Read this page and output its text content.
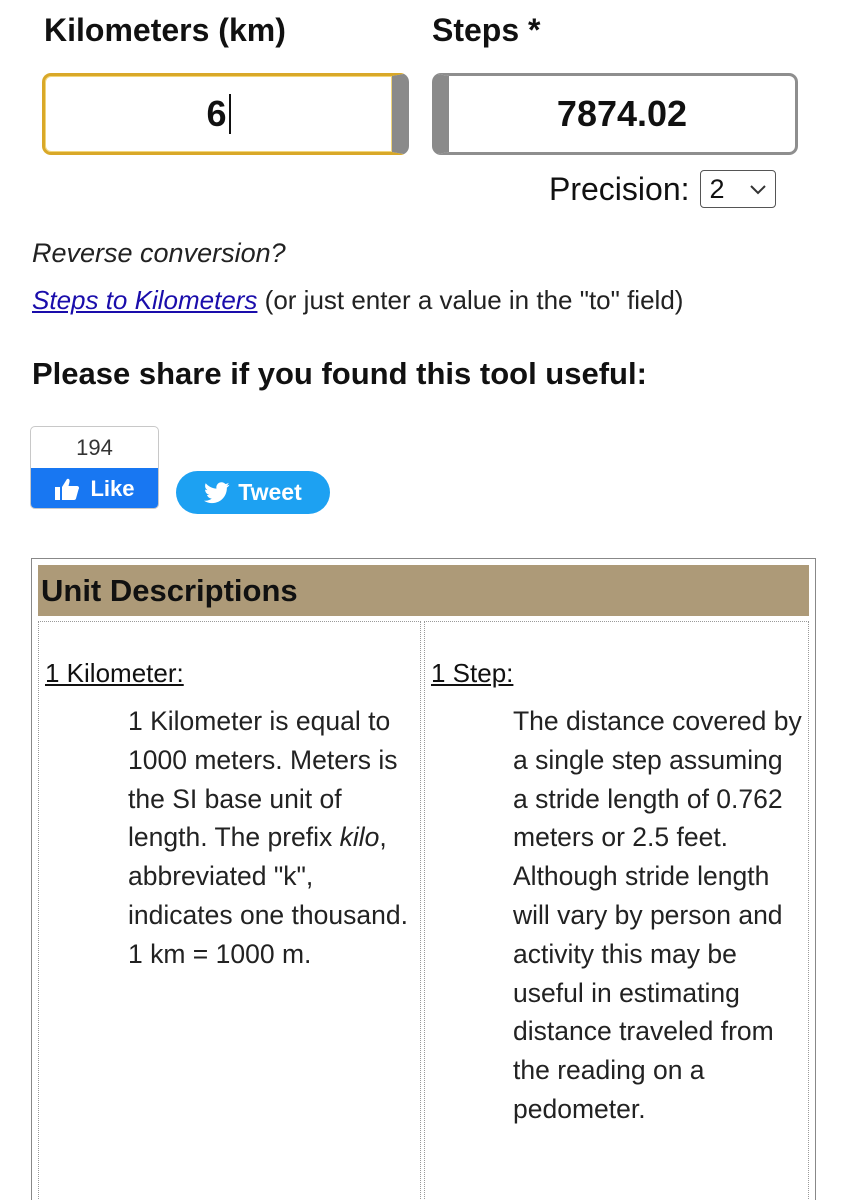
Kilometers (km)	Steps *
6	7874.02
Precision: 2
Reverse conversion?
Steps to Kilometers (or just enter a value in the "to" field)
Please share if you found this tool useful:
194
Like	Tweet
Unit Descriptions
1 Kilometer:
1 Kilometer is equal to 1000 meters. Meters is the SI base unit of length. The prefix kilo, abbreviated "k", indicates one thousand. 1 km = 1000 m.
1 Step:
The distance covered by a single step assuming a stride length of 0.762 meters or 2.5 feet. Although stride length will vary by person and activity this may be useful in estimating distance traveled from the reading on a pedometer.
